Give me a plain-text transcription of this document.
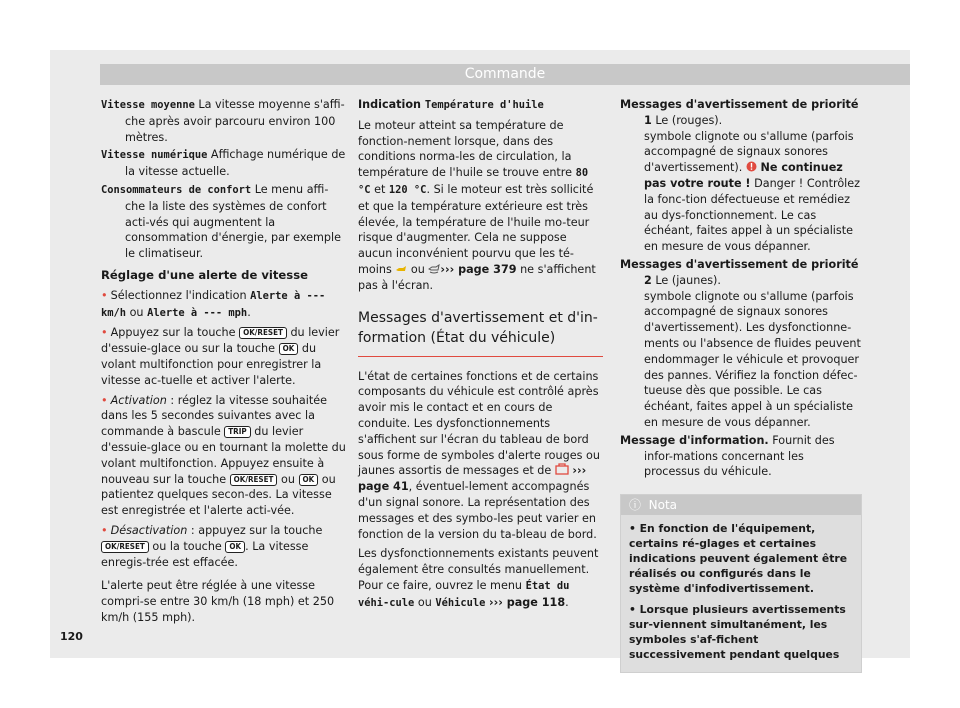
Commande

Vitesse moyenne La vitesse moyenne s'affi-che après avoir parcouru environ 100 mètres.

Vitesse numérique Affichage numérique de la vitesse actuelle.

Consommateurs de confort Le menu affi-che la liste des systèmes de confort acti-vés qui augmentent la consommation d'énergie, par exemple le climatiseur.

Réglage d'une alerte de vitesse

• Sélectionnez l'indication Alerte à --- km/h ou Alerte à --- mph.

• Appuyez sur la touche OK/RESET du levier d'essuie-glace ou sur la touche OK du volant multifonction pour enregistrer la vitesse ac-tuelle et activer l'alerte.

• Activation : réglez la vitesse souhaitée dans les 5 secondes suivantes avec la commande à bascule TRIP du levier d'essuie-glace ou en tournant la molette du volant multifonction. Appuyez ensuite à nouveau sur la touche OK/RESET ou OK ou patientez quelques secon-des. La vitesse est enregistrée et l'alerte acti-vée.

• Désactivation : appuyez sur la touche OK/RESET ou la touche OK . La vitesse enregis-trée est effacée.

L'alerte peut être réglée à une vitesse compri-se entre 30 km/h (18 mph) et 250 km/h (155 mph).

Indication Température d'huile

Le moteur atteint sa température de fonction-nement lorsque, dans des conditions norma-les de circulation, la température de l'huile se trouve entre 80 °C et 120 °C. Si le moteur est très sollicité et que la température extérieure est très élevée, la température de l'huile mo-teur risque d'augmenter. Cela ne suppose aucun inconvénient pourvu que les té-moins  ou ››› page 379 ne s'affichent pas à l'écran.

Messages d'avertissement et d'in-formation (État du véhicule)

L'état de certaines fonctions et de certains composants du véhicule est contrôlé après avoir mis le contact et en cours de conduite. Les dysfonctionnements s'affichent sur l'écran du tableau de bord sous forme de symboles d'alerte rouges ou jaunes assortis de messages et de  ››› page 41, éventuel-lement accompagnés d'un signal sonore. La représentation des messages et des symbo-les peut varier en fonction de la version du ta-bleau de bord.

Les dysfonctionnements existants peuvent également être consultés manuellement. Pour ce faire, ouvrez le menu État du véhi-cule ou Véhicule ››› page 118.

Messages d'avertissement de priorité 1 Le (rouges).
symbole clignote ou s'allume (parfois accompagné de signaux sonores d'avertissement). Ne continuez pas votre route ! Danger ! Contrôlez la fonc-tion défectueuse et remédiez au dys-fonctionnement. Le cas échéant, faites appel à un spécialiste en mesure de vous dépanner.

Messages d'avertissement de priorité 2 Le (jaunes).
symbole clignote ou s'allume (parfois accompagné de signaux sonores d'avertissement). Les dysfonctionne-ments ou l'absence de fluides peuvent endommager le véhicule et provoquer des pannes. Vérifiez la fonction défec-tueuse dès que possible. Le cas échéant, faites appel à un spécialiste en mesure de vous dépanner.

Message d'information. Fournit des infor-mations concernant les processus du véhicule.

ⓘ Nota

• En fonction de l'équipement, certains ré-glages et certaines indications peuvent également être réalisés ou configurés dans le système d'infodivertissement.

• Lorsque plusieurs avertissements sur-viennent simultanément, les symboles s'af-fichent successivement pendant quelques

120
